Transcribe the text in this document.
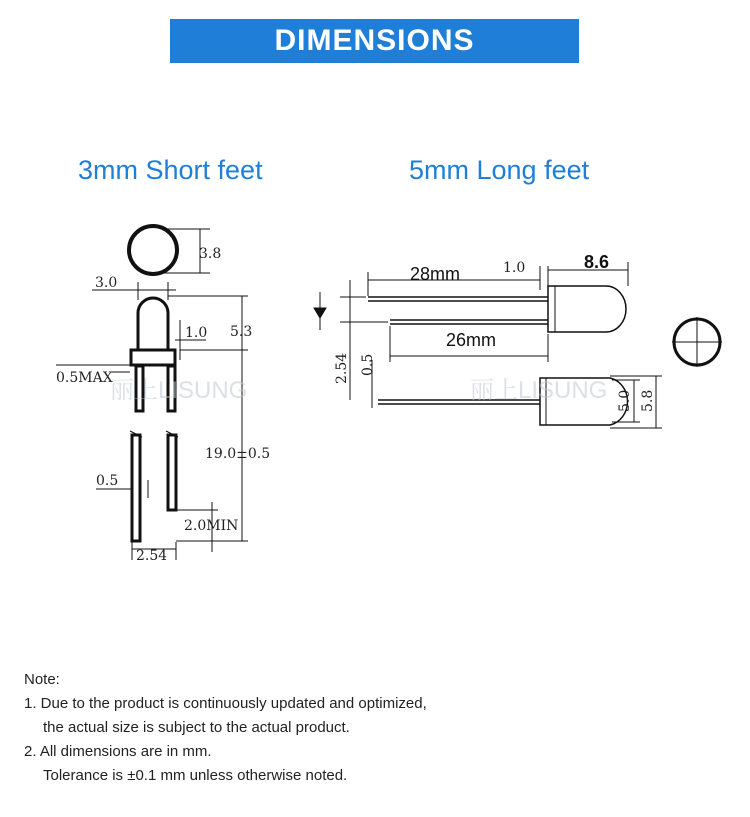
DIMENSIONS
3mm Short feet	5mm Long feet
丽上LISUNG	丽上LISUNG
3.8
3.0
5.3
1.0
0.5MAX
19.0±0.5
0.5
2.0MIN
2.54
28mm
26mm
1.0	8.6
2.54 0.5
5.0 5.8
Note:
1. Due to the product is continuously updated and optimized,
the actual size is subject to the actual product.
2. All dimensions are in mm.
Tolerance is ±0.1 mm unless otherwise noted.
